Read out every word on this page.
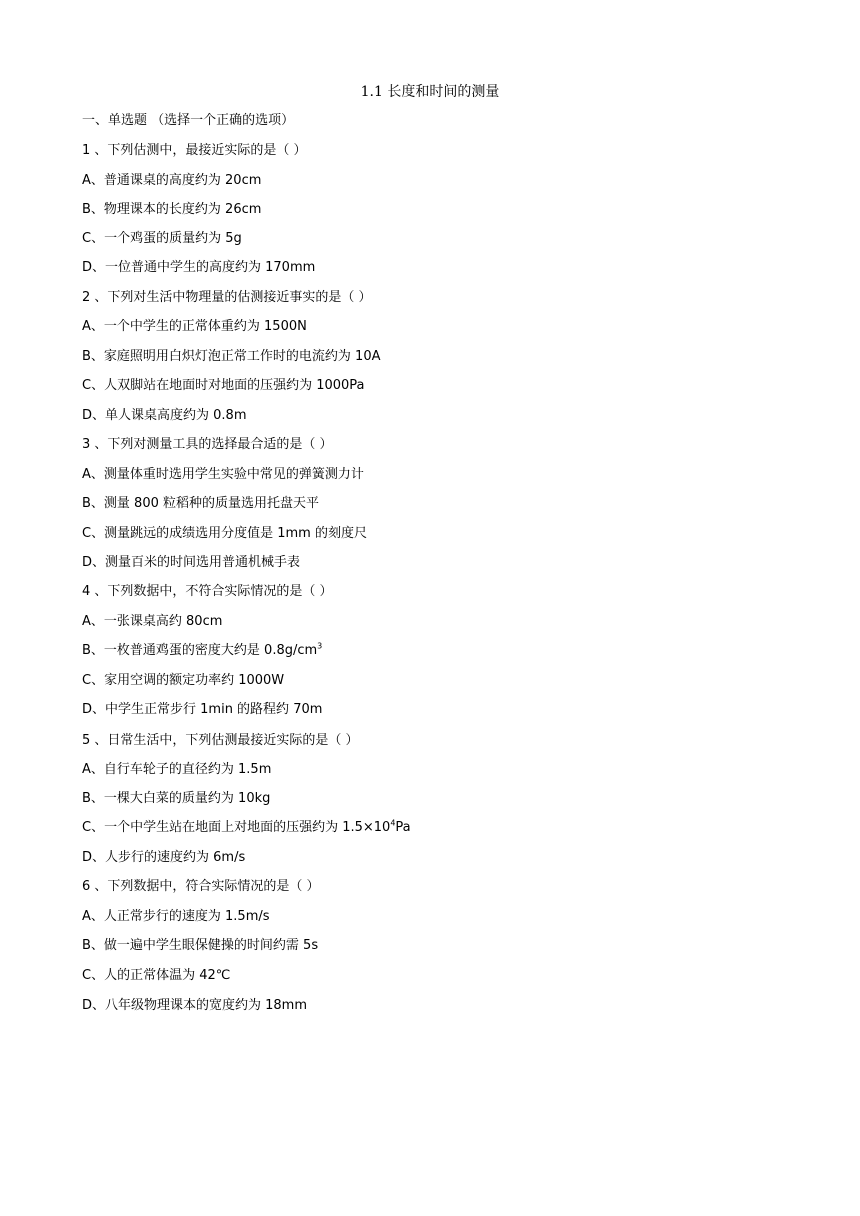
1.1 长度和时间的测量
一、单选题 （选择一个正确的选项）
1 、下列估测中，最接近实际的是（ ）
A、普通课桌的高度约为 20cm
B、物理课本的长度约为 26cm
C、一个鸡蛋的质量约为 5g
D、一位普通中学生的高度约为 170mm
2 、下列对生活中物理量的估测接近事实的是（ ）
A、一个中学生的正常体重约为 1500N
B、家庭照明用白炽灯泡正常工作时的电流约为 10A
C、人双脚站在地面时对地面的压强约为 1000Pa
D、单人课桌高度约为 0.8m
3 、下列对测量工具的选择最合适的是（ ）
A、测量体重时选用学生实验中常见的弹簧测力计
B、测量 800 粒稻种的质量选用托盘天平
C、测量跳远的成绩选用分度值是 1mm 的刻度尺
D、测量百米的时间选用普通机械手表
4 、下列数据中，不符合实际情况的是（ ）
A、一张课桌高约 80cm
B、一枚普通鸡蛋的密度大约是 $0.8g/cm^3$
C、家用空调的额定功率约 1000W
D、中学生正常步行 1min 的路程约 70m
5 、日常生活中，下列估测最接近实际的是（ ）
A、自行车轮子的直径约为 1.5m
B、一棵大白菜的质量约为 10kg
C、一个中学生站在地面上对地面的压强约为 $1.5\times 10^4Pa$
D、人步行的速度约为 6m/s
6 、下列数据中，符合实际情况的是（ ）
A、人正常步行的速度为 1.5m/s
B、做一遍中学生眼保健操的时间约需 5s
C、人的正常体温为 42℃
D、八年级物理课本的宽度约为 18mm
